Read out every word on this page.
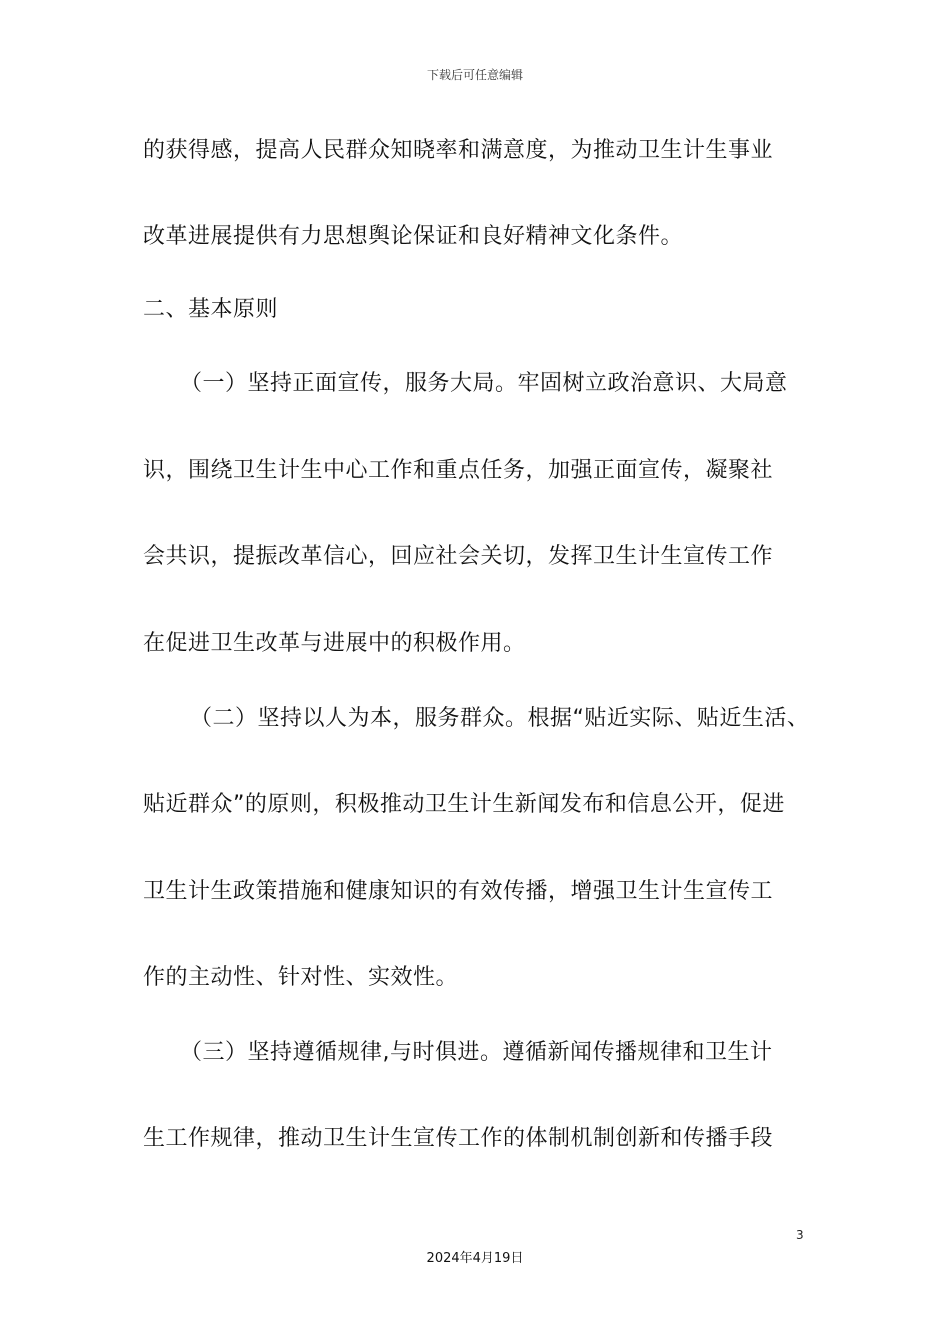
下载后可任意编辑
的获得感，提高人民群众知晓率和满意度，为推动卫生计生事业
改革进展提供有力思想舆论保证和良好精神文化条件。
二、基本原则
（一）坚持正面宣传，服务大局。牢固树立政治意识、大局意
识，围绕卫生计生中心工作和重点任务，加强正面宣传，凝聚社
会共识，提振改革信心，回应社会关切，发挥卫生计生宣传工作
在促进卫生改革与进展中的积极作用。
（二）坚持以人为本，服务群众。根据“贴近实际、贴近生活、
贴近群众”的原则，积极推动卫生计生新闻发布和信息公开，促进
卫生计生政策措施和健康知识的有效传播，增强卫生计生宣传工
作的主动性、针对性、实效性。
（三）坚持遵循规律,与时俱进。遵循新闻传播规律和卫生计
生工作规律，推动卫生计生宣传工作的体制机制创新和传播手段
3
2024年4月19日
